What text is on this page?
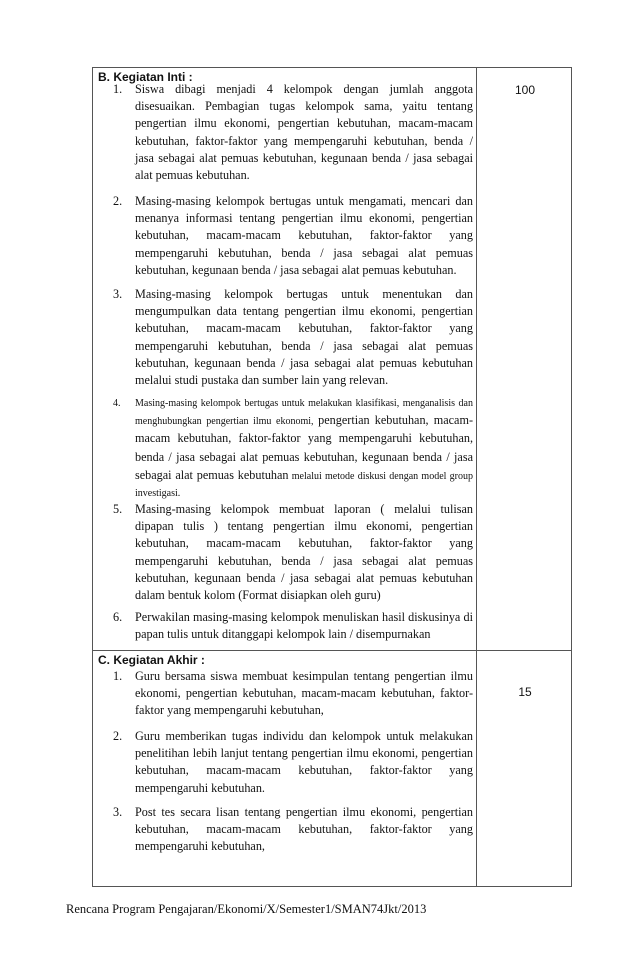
B. Kegiatan Inti :
100
1. Siswa dibagi menjadi 4 kelompok dengan jumlah anggota disesuaikan. Pembagian tugas kelompok sama, yaitu tentang pengertian ilmu ekonomi, pengertian kebutuhan, macam-macam kebutuhan, faktor-faktor yang mempengaruhi kebutuhan, benda / jasa sebagai alat pemuas kebutuhan, kegunaan benda / jasa sebagai alat pemuas kebutuhan.
2. Masing-masing kelompok bertugas untuk mengamati, mencari dan menanya informasi tentang pengertian ilmu ekonomi, pengertian kebutuhan, macam-macam kebutuhan, faktor-faktor yang mempengaruhi kebutuhan, benda / jasa sebagai alat pemuas kebutuhan, kegunaan benda / jasa sebagai alat pemuas kebutuhan.
3. Masing-masing kelompok bertugas untuk menentukan dan mengumpulkan data tentang pengertian ilmu ekonomi, pengertian kebutuhan, macam-macam kebutuhan, faktor-faktor yang mempengaruhi kebutuhan, benda / jasa sebagai alat pemuas kebutuhan, kegunaan benda / jasa sebagai alat pemuas kebutuhan melalui studi pustaka dan sumber lain yang relevan.
4. Masing-masing kelompok bertugas untuk melakukan klasifikasi, menganalisis dan menghubungkan pengertian ilmu ekonomi, pengertian kebutuhan, macam-macam kebutuhan, faktor-faktor yang mempengaruhi kebutuhan, benda / jasa sebagai alat pemuas kebutuhan, kegunaan benda / jasa sebagai alat pemuas kebutuhan melalui metode diskusi dengan model group investigasi.
5. Masing-masing kelompok membuat laporan ( melalui tulisan dipapan tulis ) tentang pengertian ilmu ekonomi, pengertian kebutuhan, macam-macam kebutuhan, faktor-faktor yang mempengaruhi kebutuhan, benda / jasa sebagai alat pemuas kebutuhan, kegunaan benda / jasa sebagai alat pemuas kebutuhan dalam bentuk kolom (Format disiapkan oleh guru)
6. Perwakilan masing-masing kelompok menuliskan hasil diskusinya di papan tulis untuk ditanggapi kelompok lain / disempurnakan
C. Kegiatan Akhir :
15
1. Guru bersama siswa membuat kesimpulan tentang pengertian ilmu ekonomi, pengertian kebutuhan, macam-macam kebutuhan, faktor-faktor yang mempengaruhi kebutuhan,
2. Guru memberikan tugas individu dan kelompok untuk melakukan penelitihan lebih lanjut tentang pengertian ilmu ekonomi, pengertian kebutuhan, macam-macam kebutuhan, faktor-faktor yang mempengaruhi kebutuhan.
3. Post tes secara lisan tentang pengertian ilmu ekonomi, pengertian kebutuhan, macam-macam kebutuhan, faktor-faktor yang mempengaruhi kebutuhan,
Rencana Program Pengajaran/Ekonomi/X/Semester1/SMAN74Jkt/2013
